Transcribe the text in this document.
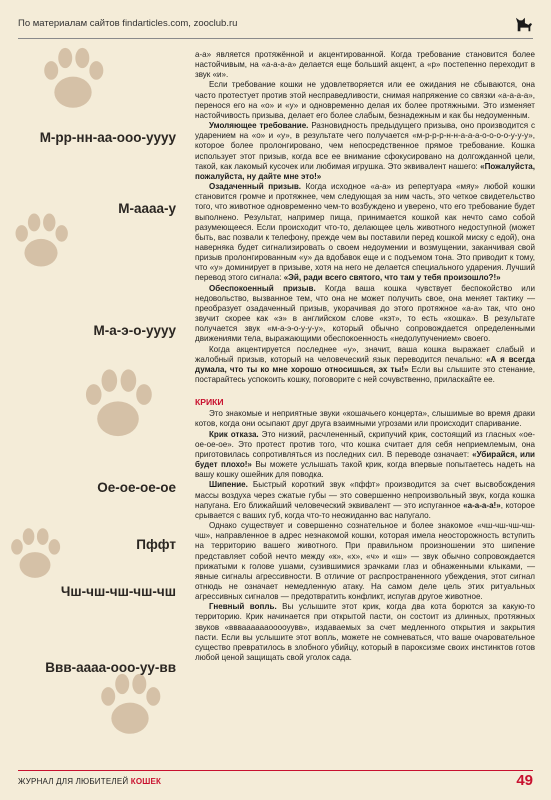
По материалам сайтов findarticles.com, zooclub.ru
М-рр-нн-аа-ооо-уууу
М-аааа-у
М-а-э-о-уууу
Ое-ое-ое-ое
Пффт
Чш-чш-чш-чш-чш
Ввв-аааа-ооо-уу-вв

а-а» является протяжённой и акцентированной. Когда требование становится более настойчивым, на «а-а-а-а» делается еще больший акцент, а «р» постепенно переходит в звук «и».

Если требование кошки не удовлетворяется или ее ожидания не сбываются, она часто протестует против этой несправедливости, снимая напряжение со связки «а-а-а-а», перенося его на «о» и «у» и одновременно делая их более протяжными. Это изменяет настойчивость призыва, делает его более слабым, безнадежным и как бы недоуменным.

Умоляющее требование. Разновидность предыдущего призыва, оно производится с ударением на «о» и «у», в результате чего получается «м-р-р-р-н-н-а-а-а-о-о-о-о-у-у-у», которое более пролонгировано, чем непосредственное прямое требование. Кошка использует этот призыв, когда все ее внимание сфокусировано на долгожданной цели, такой, как лакомый кусочек или любимая игрушка. Это эквивалент нашего: «Пожалуйста, пожалуйста, ну дайте мне это!»

Озадаченный призыв. Когда исходное «а-а» из репертуара «мяу» любой кошки становится громче и протяжнее, чем следующая за ним часть, это четкое свидетельство того, что животное одновременно чем-то возбуждено и уверено, что его требование будет выполнено. Результат, например пища, принимается кошкой как нечто само собой разумеющееся. Если происходит что-то, делающее цель животного недоступной (может быть, вас позвали к телефону, прежде чем вы поставили перед кошкой миску с едой), она наверняка будет сигнализировать о своем недоумении и возмущении, заканчивая свой призыв пролонгированным «у» да вдобавок еще и с подъемом тона. Это приводит к тому, что «у» доминирует в призыве, хотя на него не делается специального ударения. Лучший перевод этого сигнала: «Эй, ради всего святого, что там у тебя произошло?!»

Обеспокоенный призыв. Когда ваша кошка чувствует беспокойство или недовольство, вызванное тем, что она не может получить свое, она меняет тактику — преобразует озадаченный призыв, укорачивая до этого протяжное «а-а» так, что оно звучит скорее как «э» в английском слове «кэт», то есть «кошка». В результате получается звук «м-а-э-о-у-у-у», который обычно сопровождается определенными движениями тела, выражающими обеспокоенность «недолупучением» своего.

Когда акцентируется последнее «у», значит, ваша кошка выражает слабый и жалобный призыв, который на человеческий язык переводится печально: «А я всегда думала, что ты ко мне хорошо относишься, эх ты!» Если вы слышите это стенание, постарайтесь успокоить кошку, поговорите с ней сочувственно, приласкайте ее.

КРИКИ

Это знакомые и неприятные звуки «кошачьего концерта», слышимые во время драки котов, когда они осыпают друг друга взаимными угрозами или происходит спаривание.

Крик отказа. Это низкий, расчлененный, скрипучий крик, состоящий из гласных «ое-ое-ое-ое». Это протест против того, что кошка считает для себя неприемлемым, она приготовилась сопротивляться из последних сил. В переводе означает: «Убирайся, или будет плохо!» Вы можете услышать такой крик, когда впервые попытаетесь надеть на вашу кошку ошейник для поводка.

Шипение. Быстрый короткий звук «пффт» производится за счет высвобождения массы воздуха через сжатые губы — это совершенно непроизвольный звук, когда кошка напугана. Его ближайший человеческий эквивалент — это испуганное «а-а-а-а!», которое срывается с ваших губ, когда что-то неожиданно вас напугало.

Однако существует и совершенно сознательное и более знакомое «чш-чш-чш-чш-чш», направленное в адрес незнакомой кошки, которая имела неосторожность вступить на территорию вашего животного. При правильном произношении это шипение представляет собой нечто между «к», «х», «ч» и «ш» — звук обычно сопровождается прижатыми к голове ушами, сузившимися зрачками глаз и обнаженными клыками, — явные сигналы агрессивности. В отличие от распространенного убеждения, этот сигнал отнюдь не означает немедленную атаку. На самом деле цель этих ритуальных агрессивных сигналов — предотвратить конфликт, испугав другое животное.

Гневный вопль. Вы услышите этот крик, когда два кота борются за какую-то территорию. Крик начинается при открытой пасти, он состоит из длинных, протяжных звуков «вввааааааооооуувв», издаваемых за счет медленного открытия и закрытия пасти. Если вы услышите этот вопль, можете не сомневаться, что ваше очаровательное существо превратилось в злобного убийцу, который в пароксизме своих инстинктов готов любой ценой защищать свой уголок сада.

ЖУРНАЛ ДЛЯ ЛЮБИТЕЛЕЙ КОШЕК	49
